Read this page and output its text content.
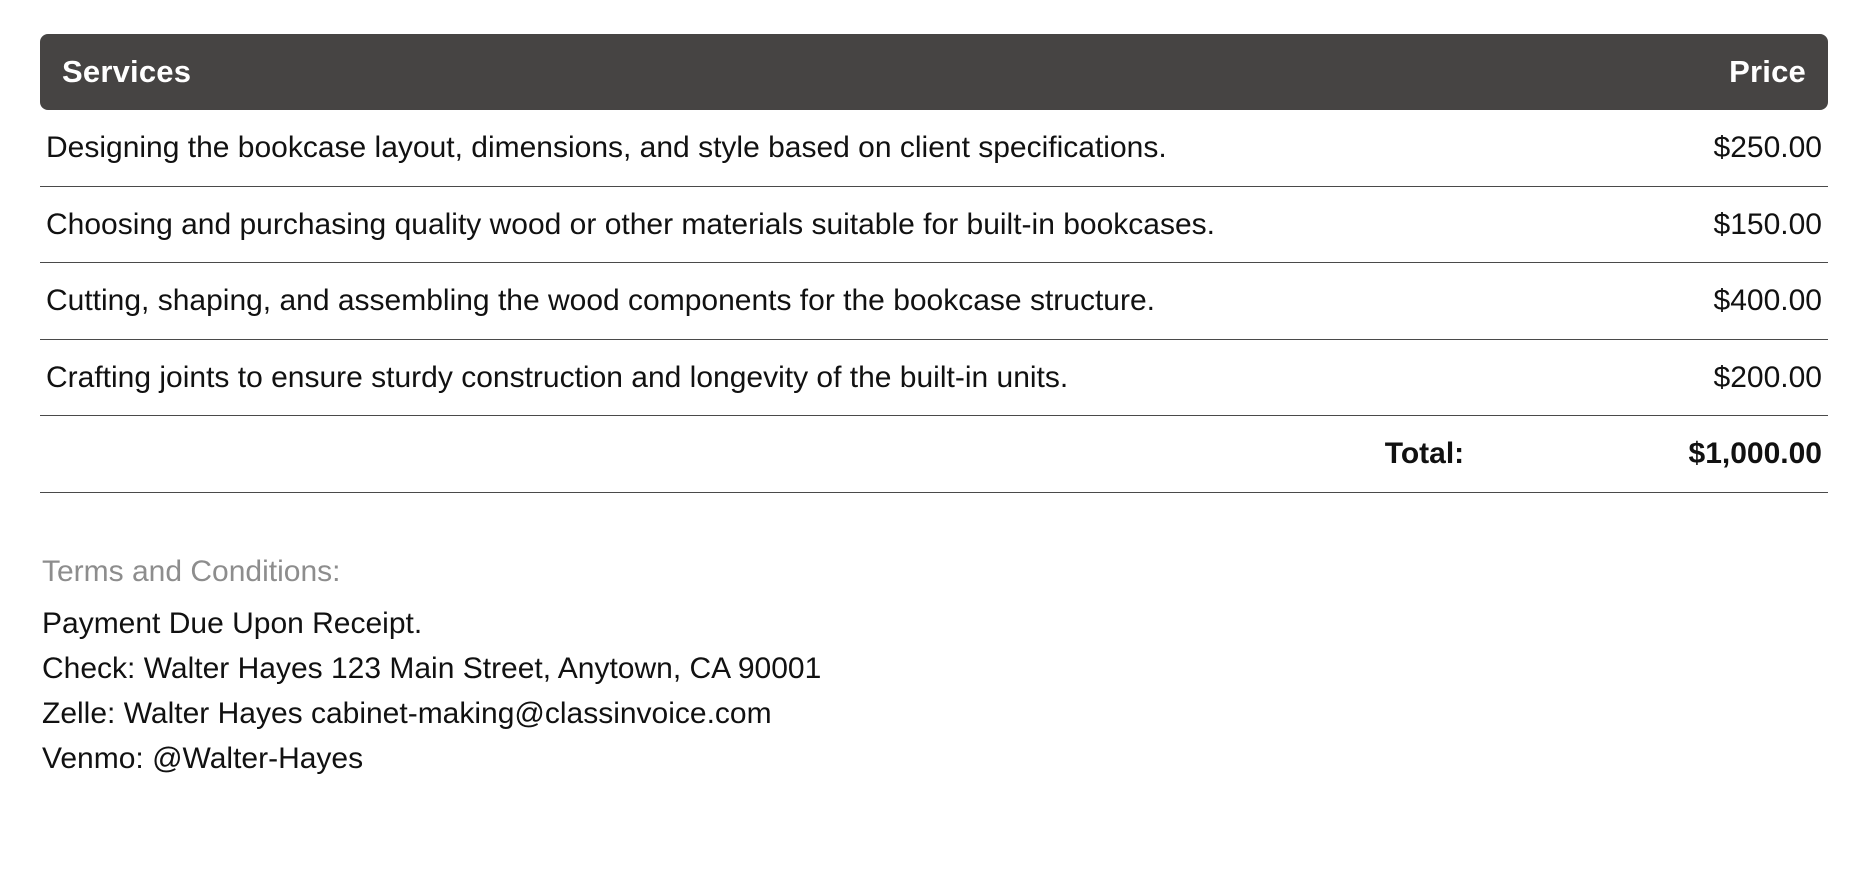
Services	Price
Designing the bookcase layout, dimensions, and style based on client specifications.	$250.00
Choosing and purchasing quality wood or other materials suitable for built-in bookcases.	$150.00
Cutting, shaping, and assembling the wood components for the bookcase structure.	$400.00
Crafting joints to ensure sturdy construction and longevity of the built-in units.	$200.00
Total:	$1,000.00
Terms and Conditions:
Payment Due Upon Receipt.
Check: Walter Hayes 123 Main Street, Anytown, CA 90001
Zelle: Walter Hayes cabinet-making@classinvoice.com
Venmo: @Walter-Hayes
